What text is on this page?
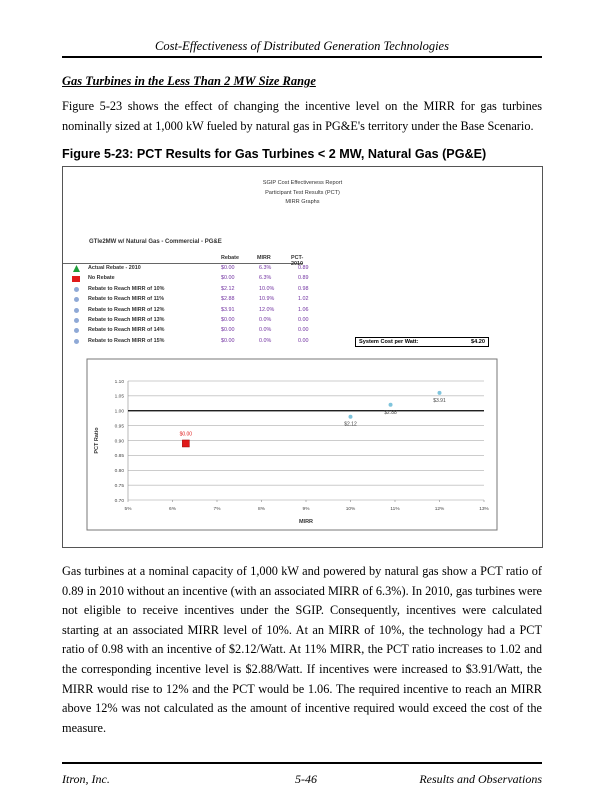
Cost-Effectiveness of Distributed Generation Technologies
Gas Turbines in the Less Than 2 MW Size Range
Figure 5-23 shows the effect of changing the incentive level on the MIRR for gas turbines nominally sized at 1,000 kW fueled by natural gas in PG&E's territory under the Base Scenario.
Figure 5-23: PCT Results for Gas Turbines < 2 MW, Natural Gas (PG&E)
SGIP Cost Effectiveness Report
Participant Test Results (PCT)
MIRR Graphs
GTle2MW w/ Natural Gas - Commercial - PG&E
Rebate	MIRR	PCT-2010
Actual Rebate - 2010	$0.00	6.3%	0.89
No Rebate	$0.00	6.3%	0.89
Rebate to Reach MIRR of 10%	$2.12	10.0%	0.98
Rebate to Reach MIRR of 11%	$2.88	10.9%	1.02
Rebate to Reach MIRR of 12%	$3.91	12.0%	1.06
Rebate to Reach MIRR of 13%	$0.00	0.0%	0.00
Rebate to Reach MIRR of 14%	$0.00	0.0%	0.00
Rebate to Reach MIRR of 15%	$0.00	0.0%	0.00	System Cost per Watt:	$4.20
1.10
1.05
1.00
0.95
0.90
0.85
0.80
0.75
0.70
5%	6%	7%	8%	9%	10%	11%	12%	13%
MIRR
PCT Ratio	$0.00
$2.12
$2.88
$3.91
Gas turbines at a nominal capacity of 1,000 kW and powered by natural gas show a PCT ratio of 0.89 in 2010 without an incentive (with an associated MIRR of 6.3%). In 2010, gas turbines were not eligible to receive incentives under the SGIP. Consequently, incentives were calculated starting at an associated MIRR level of 10%. At an MIRR of 10%, the technology had a PCT ratio of 0.98 with an incentive of $2.12/Watt. At 11% MIRR, the PCT ratio increases to 1.02 and the corresponding incentive level is $2.88/Watt. If incentives were increased to $3.91/Watt, the MIRR would rise to 12% and the PCT would be 1.06. The required incentive to reach an MIRR above 12% was not calculated as the amount of incentive required would exceed the cost of the measure.
Itron, Inc.	5-46	Results and Observations
